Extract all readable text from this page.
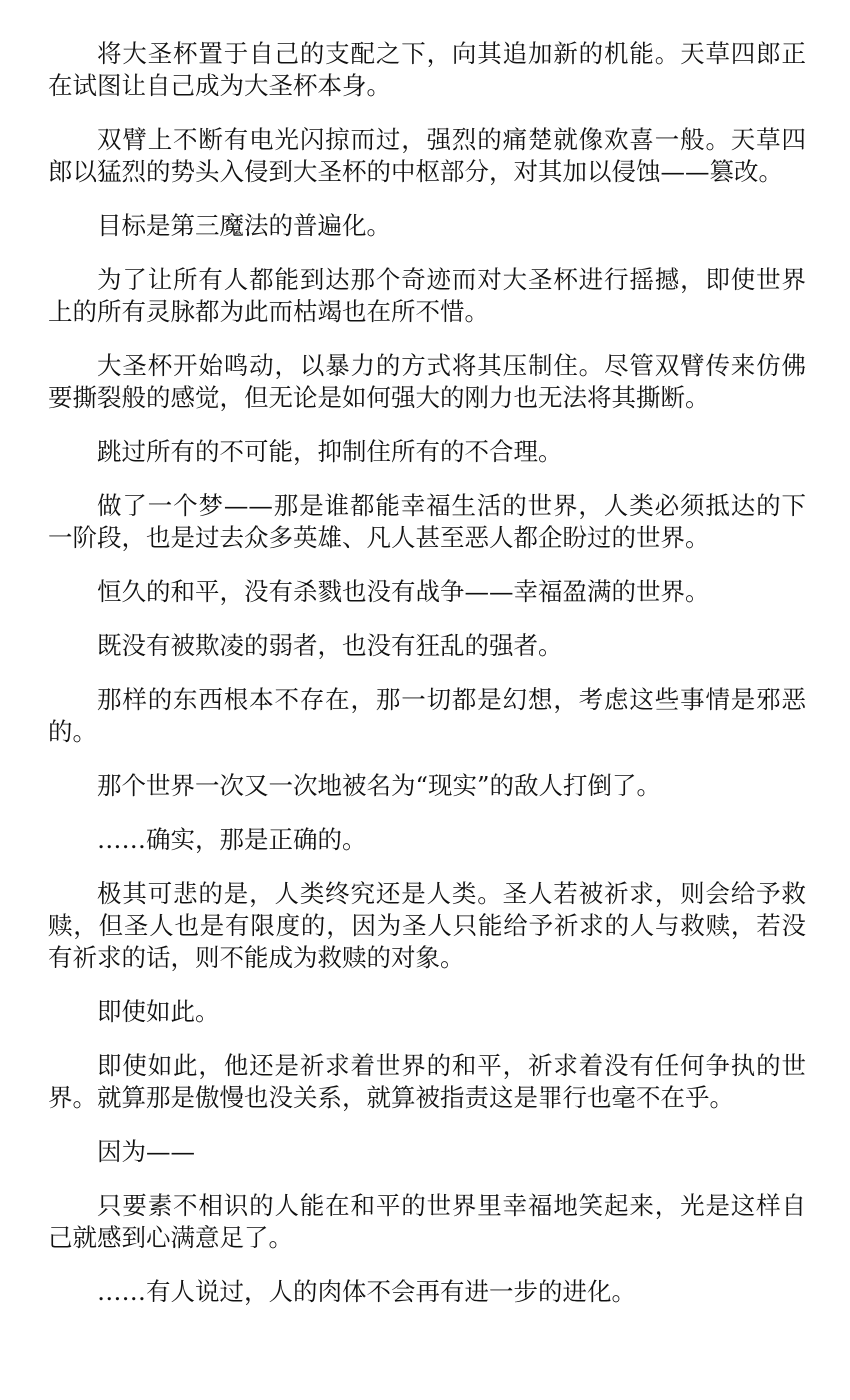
将大圣杯置于自己的支配之下，向其追加新的机能。天草四郎正在试图让自己成为大圣杯本身。

双臂上不断有电光闪掠而过，强烈的痛楚就像欢喜一般。天草四郎以猛烈的势头入侵到大圣杯的中枢部分，对其加以侵蚀——篡改。

目标是第三魔法的普遍化。

为了让所有人都能到达那个奇迹而对大圣杯进行摇撼，即使世界上的所有灵脉都为此而枯竭也在所不惜。

大圣杯开始鸣动，以暴力的方式将其压制住。尽管双臂传来仿佛要撕裂般的感觉，但无论是如何强大的刚力也无法将其撕断。

跳过所有的不可能，抑制住所有的不合理。

做了一个梦——那是谁都能幸福生活的世界，人类必须抵达的下一阶段，也是过去众多英雄、凡人甚至恶人都企盼过的世界。

恒久的和平，没有杀戮也没有战争——幸福盈满的世界。

既没有被欺凌的弱者，也没有狂乱的强者。

那样的东西根本不存在，那一切都是幻想，考虑这些事情是邪恶的。

那个世界一次又一次地被名为“现实”的敌人打倒了。

……确实，那是正确的。

极其可悲的是，人类终究还是人类。圣人若被祈求，则会给予救赎，但圣人也是有限度的，因为圣人只能给予祈求的人与救赎，若没有祈求的话，则不能成为救赎的对象。

即使如此。

即使如此，他还是祈求着世界的和平，祈求着没有任何争执的世界。就算那是傲慢也没关系，就算被指责这是罪行也毫不在乎。

因为——

只要素不相识的人能在和平的世界里幸福地笑起来，光是这样自己就感到心满意足了。

……有人说过，人的肉体不会再有进一步的进化。
